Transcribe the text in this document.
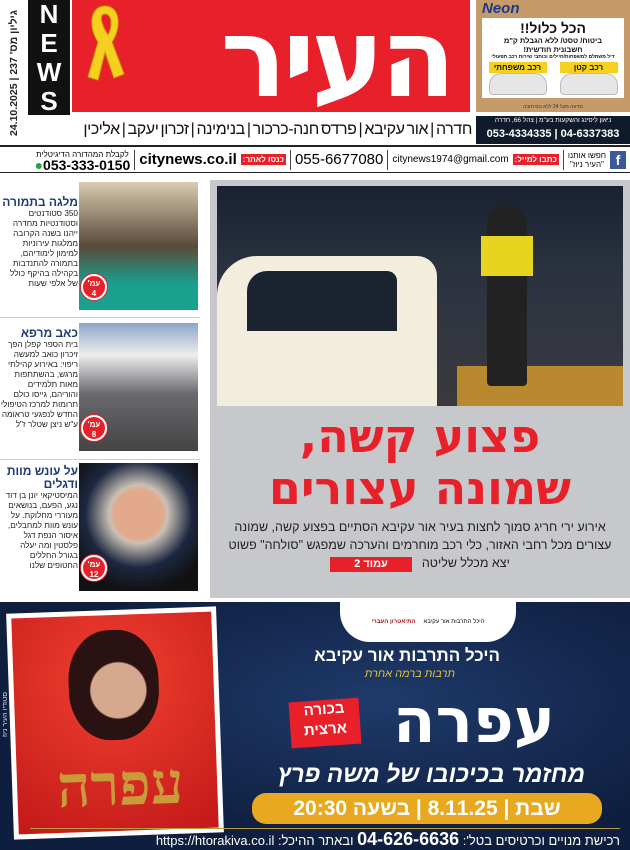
גיליון מס' 237 | 24.10.2025 N
E
W
S העיר Neon
הכל כלול!!
ביטוח/ טסט/ ללא הגבלת ק"מ
חשבונית חודשית!
דיל משתלם למשפחות/חיילים וכותבי שירות רכב תפעולי
רכב קטן
רכב משפחתי
נסיעה מעל 24 ללא נוס חובה
חדרה | אור עקיבא | פרדס חנה-כרכור | בנימינה | זכרון יעקב | אליכין
ניאון ליסינג והשקעות בע"מ | צהל 66, חדרה
04-6337383 | 053-4334335
f
חפשו אותנו
"העיר ניוז"
כתבו למייל:
citynews1974@gmail.com
055-6677080
כנסו לאתר:
citynews.co.il
לקבלת המהדורה הדיגיטלית
●053-333-0150
מלגה בתמורה

350 סטודנטים וסטודנטיות מחדרה ייהנו בשנה הקרובה ממלגות עירוניות למימון לימודיהם, בתמורה להתנדבות בקהילה בהיקף כולל של אלפי שעות	עמ'
4
כאב מרפא

בית הספר קפלן הפך זיכרון כואב למעשה ריפוי: באירוע קהילתי מרגש, בהשתתפות מאות תלמידים והוריהם, גייסו כולם תרומות למרכז הטיפולי החדש לנפגעי טראומה ע"ש ניצן שטלר ז"ל	עמ'
8
על עונש מוות ודגלים

המיסטיקאי יונן בן דוד נגע, הפעם, בנושאים מעוררי מחלוקת. על עונש מוות למחבלים, איסור הנפת דגל פלסטין ומה יעלה בגורל החללים החטופים שלנו	עמ'
12
פצוע קשה,
שמונה עצורים
אירוע ירי חריג סמוך לחצות בעיר אור עקיבא הסתיים בפצוע קשה, שמונה עצורים מכל רחבי האזור, כלי רכב מוחרמים והערכה שמפגש "סולחה" פשוט יצא מכלל שליטהעמוד 2
עפרה
סטודיו העיר ניוז
היכל התרבות אור עקיבא
התיאטרון העברי
היכל התרבות אור עקיבא
תרבות ברמה אחרת
עפרה
בכורה ארצית
מחזמר בכיכובו של משה פרץ
שבת | 8.11.25 | בשעה 20:30
רכישת מנויים וכרטיסים בטל': 04-626-6636 ובאתר ההיכל: https://htorakiva.co.il
